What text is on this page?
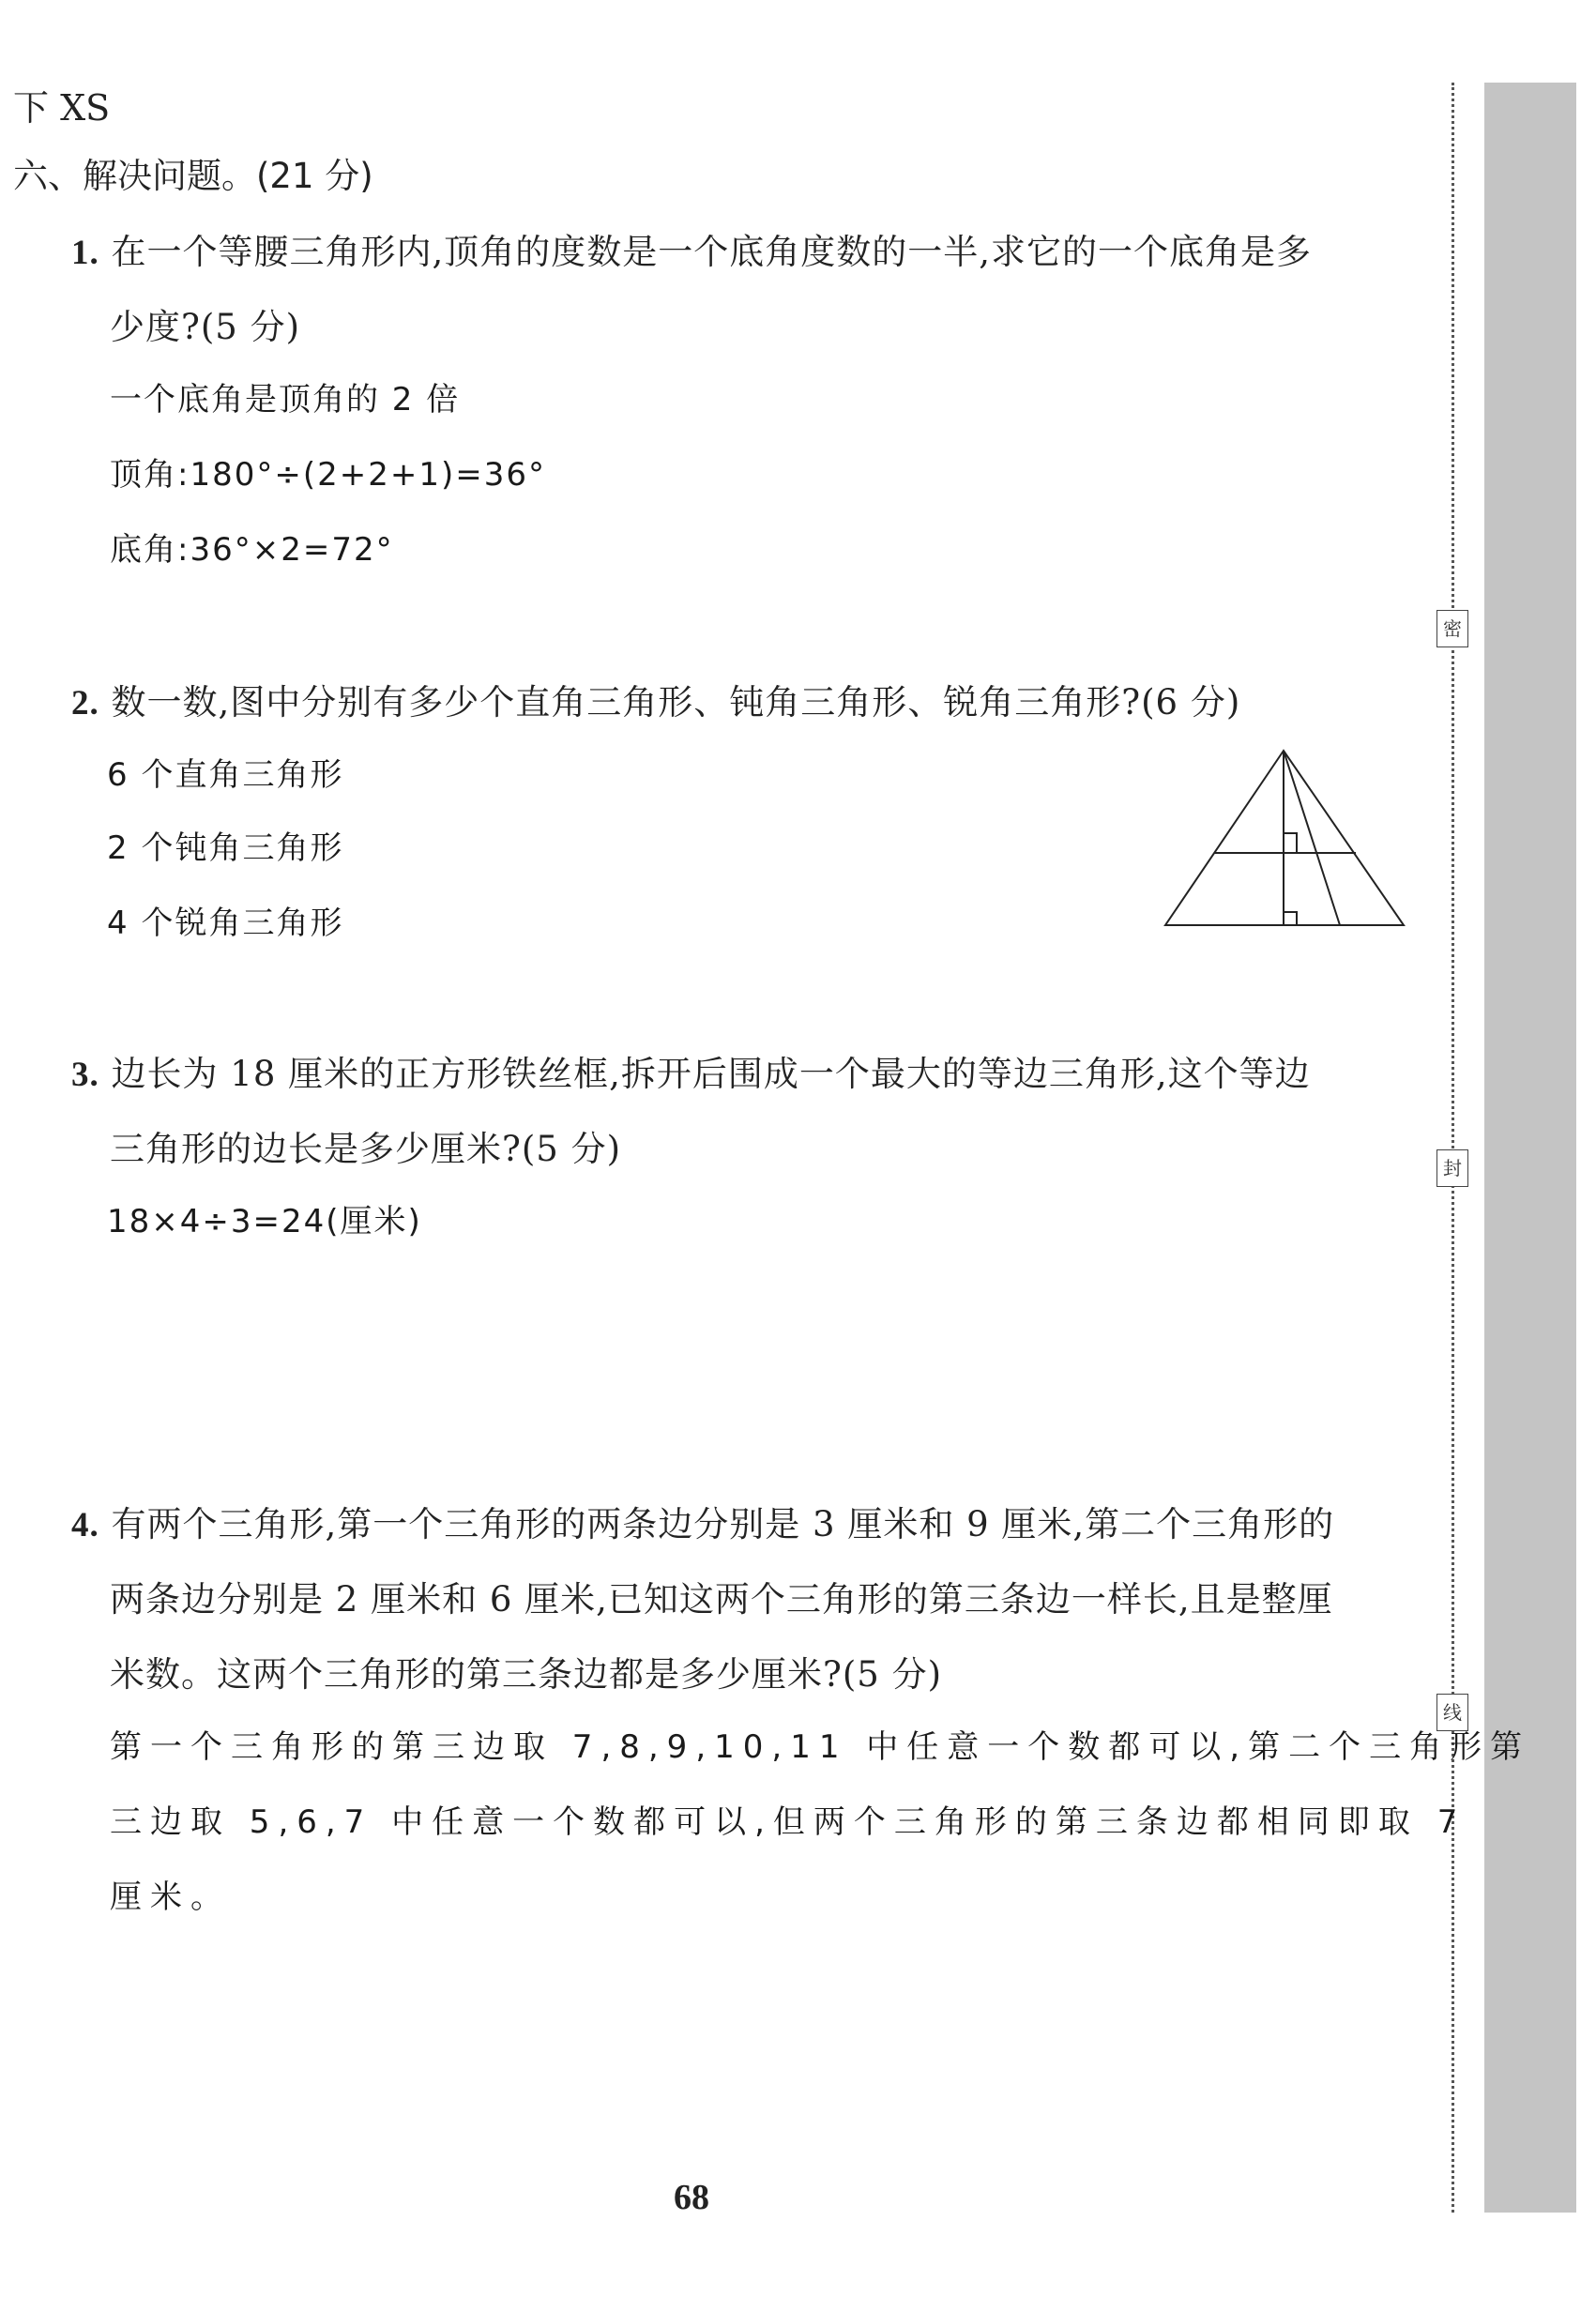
密
封
线
下 XS
六、解决问题。(21 分)
1. 在一个等腰三角形内,顶角的度数是一个底角度数的一半,求它的一个底角是多
少度?(5 分)
一个底角是顶角的 2 倍
顶角:180°÷(2+2+1)=36°
底角:36°×2=72°
2. 数一数,图中分别有多少个直角三角形、钝角三角形、锐角三角形?(6 分)
6 个直角三角形
2 个钝角三角形
4 个锐角三角形
3. 边长为 18 厘米的正方形铁丝框,拆开后围成一个最大的等边三角形,这个等边
三角形的边长是多少厘米?(5 分)
18×4÷3=24(厘米)
4. 有两个三角形,第一个三角形的两条边分别是 3 厘米和 9 厘米,第二个三角形的
两条边分别是 2 厘米和 6 厘米,已知这两个三角形的第三条边一样长,且是整厘
米数。这两个三角形的第三条边都是多少厘米?(5 分)
第一个三角形的第三边取 7,8,9,10,11 中任意一个数都可以,第二个三角形第
三边取 5,6,7 中任意一个数都可以,但两个三角形的第三条边都相同即取 7
厘米。
68
